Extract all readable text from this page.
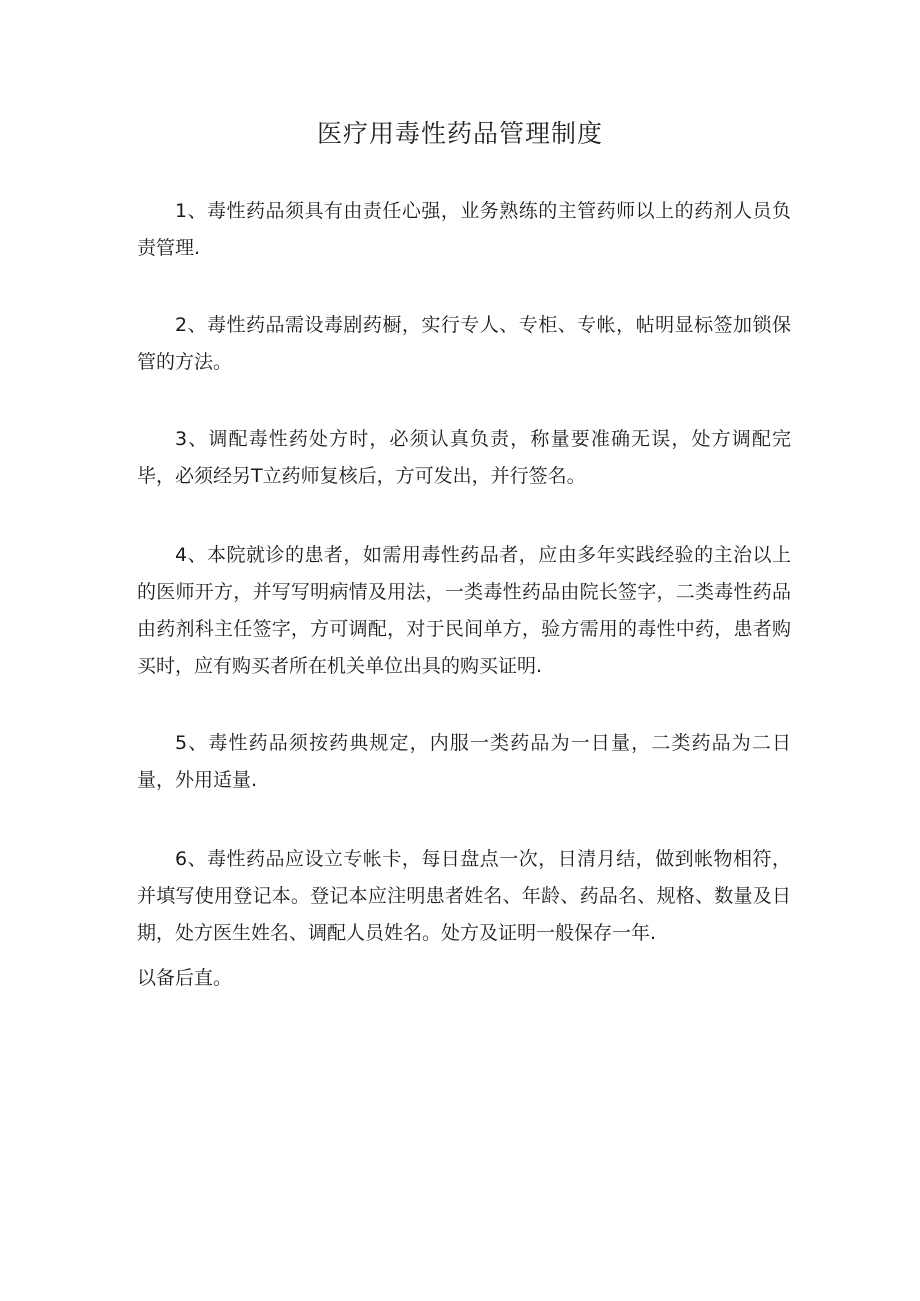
医疗用毒性药品管理制度

1、毒性药品须具有由责任心强，业务熟练的主管药师以上的药剂人员负责管理.

2、毒性药品需设毒剧药橱，实行专人、专柜、专帐，帖明显标签加锁保管的方法。

3、调配毒性药处方时，必须认真负责，称量要准确无误，处方调配完毕，必须经另T立药师复核后，方可发出，并行签名。

4、本院就诊的患者，如需用毒性药品者，应由多年实践经验的主治以上的医师开方，并写写明病情及用法，一类毒性药品由院长签字，二类毒性药品由药剂科主任签字，方可调配，对于民间单方，验方需用的毒性中药，患者购买时，应有购买者所在机关单位出具的购买证明.

5、毒性药品须按药典规定，内服一类药品为一日量，二类药品为二日量，外用适量.

6、毒性药品应设立专帐卡，每日盘点一次，日清月结，做到帐物相符，并填写使用登记本。登记本应注明患者姓名、年龄、药品名、规格、数量及日期，处方医生姓名、调配人员姓名。处方及证明一般保存一年.

以备后直。
